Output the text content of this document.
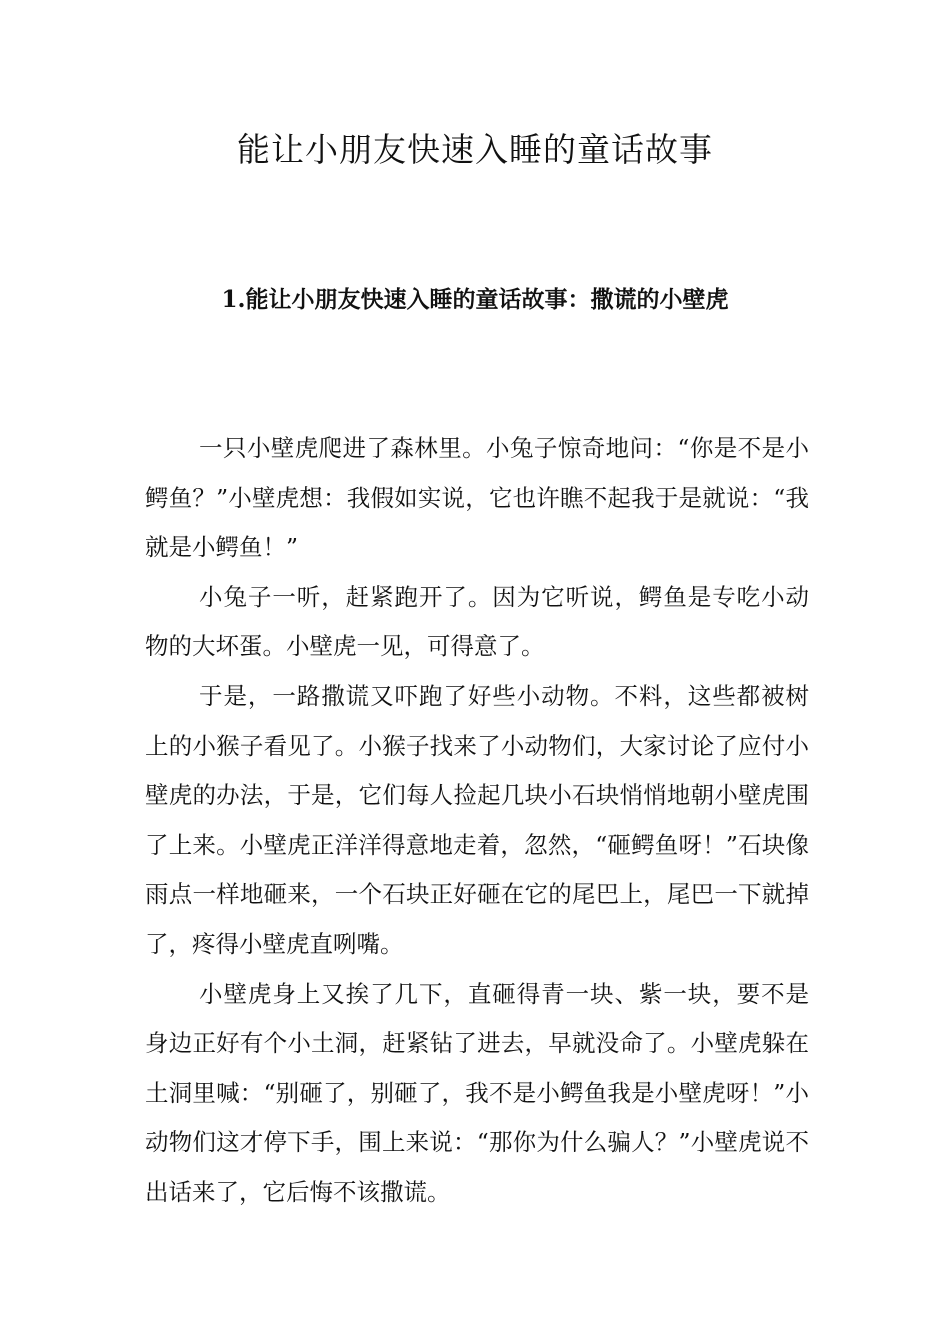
能让小朋友快速入睡的童话故事
1.能让小朋友快速入睡的童话故事：撒谎的小壁虎

一只小壁虎爬进了森林里。小兔子惊奇地问：“你是不是小鳄鱼？”小壁虎想：我假如实说，它也许瞧不起我于是就说：“我就是小鳄鱼！”

小兔子一听，赶紧跑开了。因为它听说，鳄鱼是专吃小动物的大坏蛋。小壁虎一见，可得意了。

于是，一路撒谎又吓跑了好些小动物。不料，这些都被树上的小猴子看见了。小猴子找来了小动物们，大家讨论了应付小壁虎的办法，于是，它们每人捡起几块小石块悄悄地朝小壁虎围了上来。小壁虎正洋洋得意地走着，忽然，“砸鳄鱼呀！”石块像雨点一样地砸来，一个石块正好砸在它的尾巴上，尾巴一下就掉了，疼得小壁虎直咧嘴。

小壁虎身上又挨了几下，直砸得青一块、紫一块，要不是身边正好有个小土洞，赶紧钻了进去，早就没命了。小壁虎躲在土洞里喊：“别砸了，别砸了，我不是小鳄鱼我是小壁虎呀！”小动物们这才停下手，围上来说：“那你为什么骗人？”小壁虎说不出话来了，它后悔不该撒谎。
